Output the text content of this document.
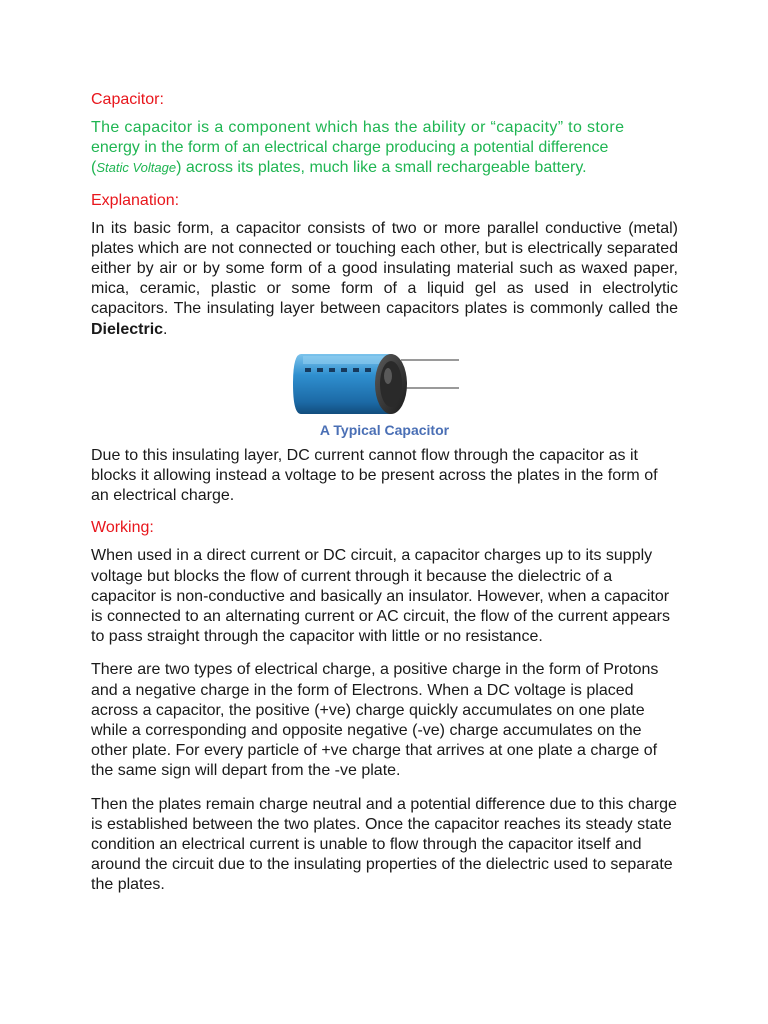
Capacitor:
The capacitor is a component which has the ability or “capacity” to store
energy in the form of an electrical charge producing a potential difference
(Static Voltage) across its plates, much like a small rechargeable battery.
Explanation:

In its basic form, a capacitor consists of two or more parallel conductive (metal) plates which are not connected or touching each other, but is electrically separated either by air or by some form of a good insulating material such as waxed paper, mica, ceramic, plastic or some form of a liquid gel as used in electrolytic capacitors. The insulating layer between capacitors plates is commonly called the Dielectric.

A Typical Capacitor

Due to this insulating layer, DC current cannot flow through the capacitor as it blocks it allowing instead a voltage to be present across the plates in the form of an electrical charge.

Working:

When used in a direct current or DC circuit, a capacitor charges up to its supply voltage but blocks the flow of current through it because the dielectric of a capacitor is non-conductive and basically an insulator. However, when a capacitor is connected to an alternating current or AC circuit, the flow of the current appears to pass straight through the capacitor with little or no resistance.

There are two types of electrical charge, a positive charge in the form of Protons and a negative charge in the form of Electrons. When a DC voltage is placed across a capacitor, the positive (+ve) charge quickly accumulates on one plate while a corresponding and opposite negative (-ve) charge accumulates on the other plate. For every particle of +ve charge that arrives at one plate a charge of the same sign will depart from the -ve plate.

Then the plates remain charge neutral and a potential difference due to this charge is established between the two plates. Once the capacitor reaches its steady state condition an electrical current is unable to flow through the capacitor itself and around the circuit due to the insulating properties of the dielectric used to separate the plates.
